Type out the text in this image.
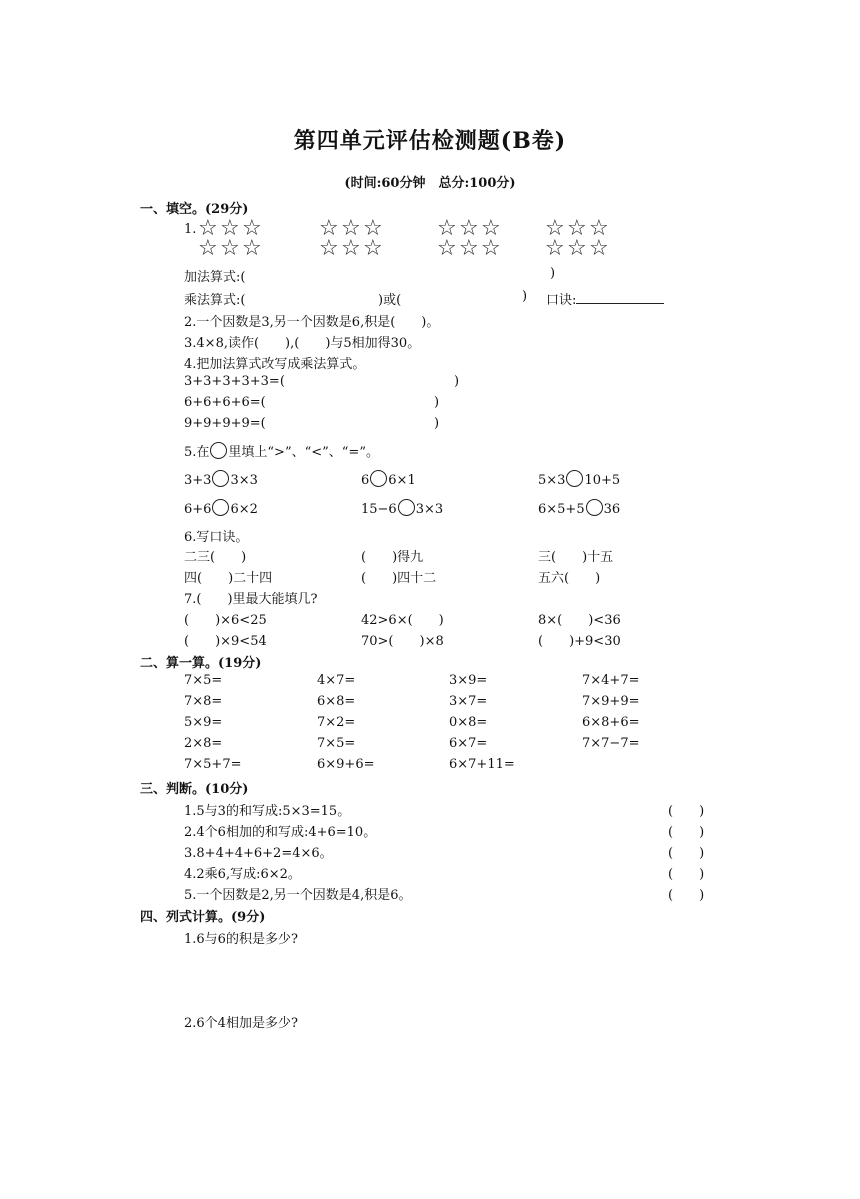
第四单元评估检测题(B卷)
(时间:60分钟　总分:100分)
一、填空。(29分)
1. ☆ ☆ ☆
☆ ☆ ☆
☆ ☆ ☆
☆ ☆ ☆
☆ ☆ ☆
☆ ☆ ☆
☆ ☆ ☆
☆ ☆ ☆
加法算式:(	)
乘法算式:(	)或(	) 口诀:
2.一个因数是3,另一个因数是6,积是(　　)。
3.4×8,读作(　　),(　　)与5相加得30。
4.把加法算式改写成乘法算式。
3+3+3+3+3=(	)
6+6+6+6=(	)
9+9+9+9=(	)
5.在 里填上“>”、“<”、“=”。
3+3 3×3	6 6×1	5×3 10+5
6+6 6×2	15−6 3×3	6×5+5 36
6.写口诀。
二三(　　)	(　　)得九	三(　　)十五
四(　　)二十四	(　　)四十二	五六(　　)
7.(　　)里最大能填几?
(　　)×6<25	42>6×(　　)	8×(　　)<36
(　　)×9<54	70>(　　)×8	(　　)+9<30
二、算一算。(19分)
7×5=	4×7=	3×9=	7×4+7=
7×8=	6×8=	3×7=	7×9+9=
5×9=	7×2=	0×8=	6×8+6=
2×8=	7×5=	6×7=	7×7−7=
7×5+7=	6×9+6=	6×7+11=
三、判断。(10分)
1.5与3的和写成:5×3=15。	(　　)
2.4个6相加的和写成:4+6=10。	(　　)
3.8+4+4+6+2=4×6。	(　　)
4.2乘6,写成:6×2。	(　　)
5.一个因数是2,另一个因数是4,积是6。	(　　)
四、列式计算。(9分)
1.6与6的积是多少?
2.6个4相加是多少?
